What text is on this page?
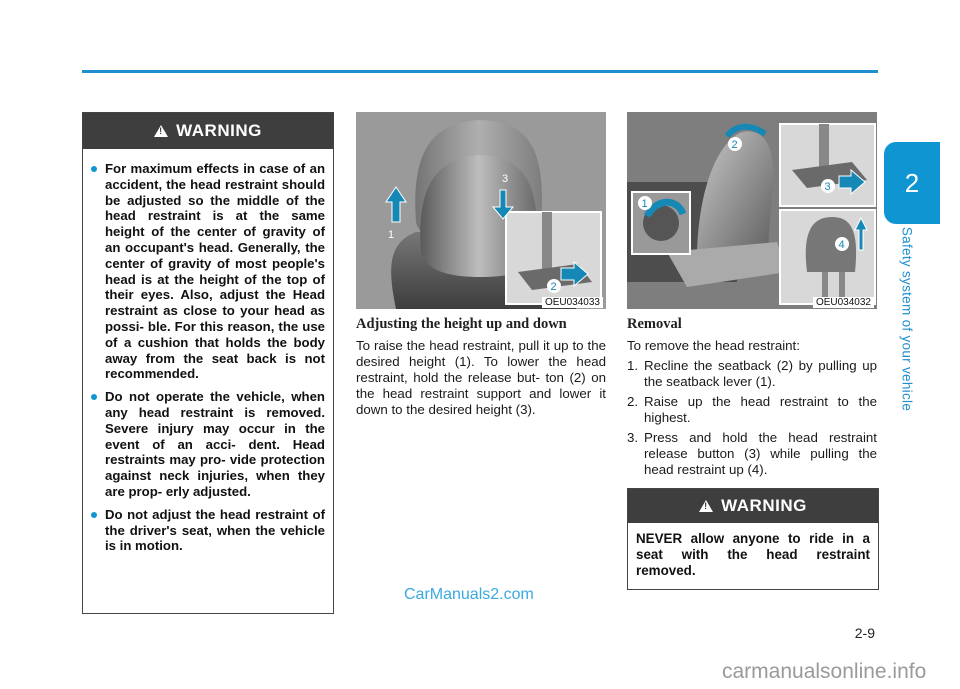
2
Safety system of your vehicle
!
WARNING
For maximum effects in case of an accident, the head restraint should be adjusted so the middle of the head restraint is at the same height of the center of gravity of an occupant's head. Generally, the center of gravity of most people's head is at the height of the top of their eyes. Also, adjust the Head restraint as close to your head as possi- ble. For this reason, the use of a cushion that holds the body away from the seat back is not recommended.
Do not operate the vehicle, when any head restraint is removed. Severe injury may occur in the event of an acci- dent. Head restraints may pro- vide protection against neck injuries, when they are prop- erly adjusted.
Do not adjust the head restraint of the driver's seat, when the vehicle is in motion.
1
3
2
OEU034033
1
2
3
4
OEU034032
Adjusting the height up and down
To raise the head restraint, pull it up to the desired height (1). To lower the head restraint, hold the release but- ton (2) on the head restraint support and lower it down to the desired height (3).
Removal
To remove the head restraint:
1. Recline the seatback (2) by pulling up the seatback lever (1).
2. Raise up the head restraint to the highest.
3. Press and hold the head restraint release button (3) while pulling the head restraint up (4).
!
WARNING

NEVER allow anyone to ride in a seat with the head restraint removed.

2-9
CarManuals2.com
carmanualsonline.info
